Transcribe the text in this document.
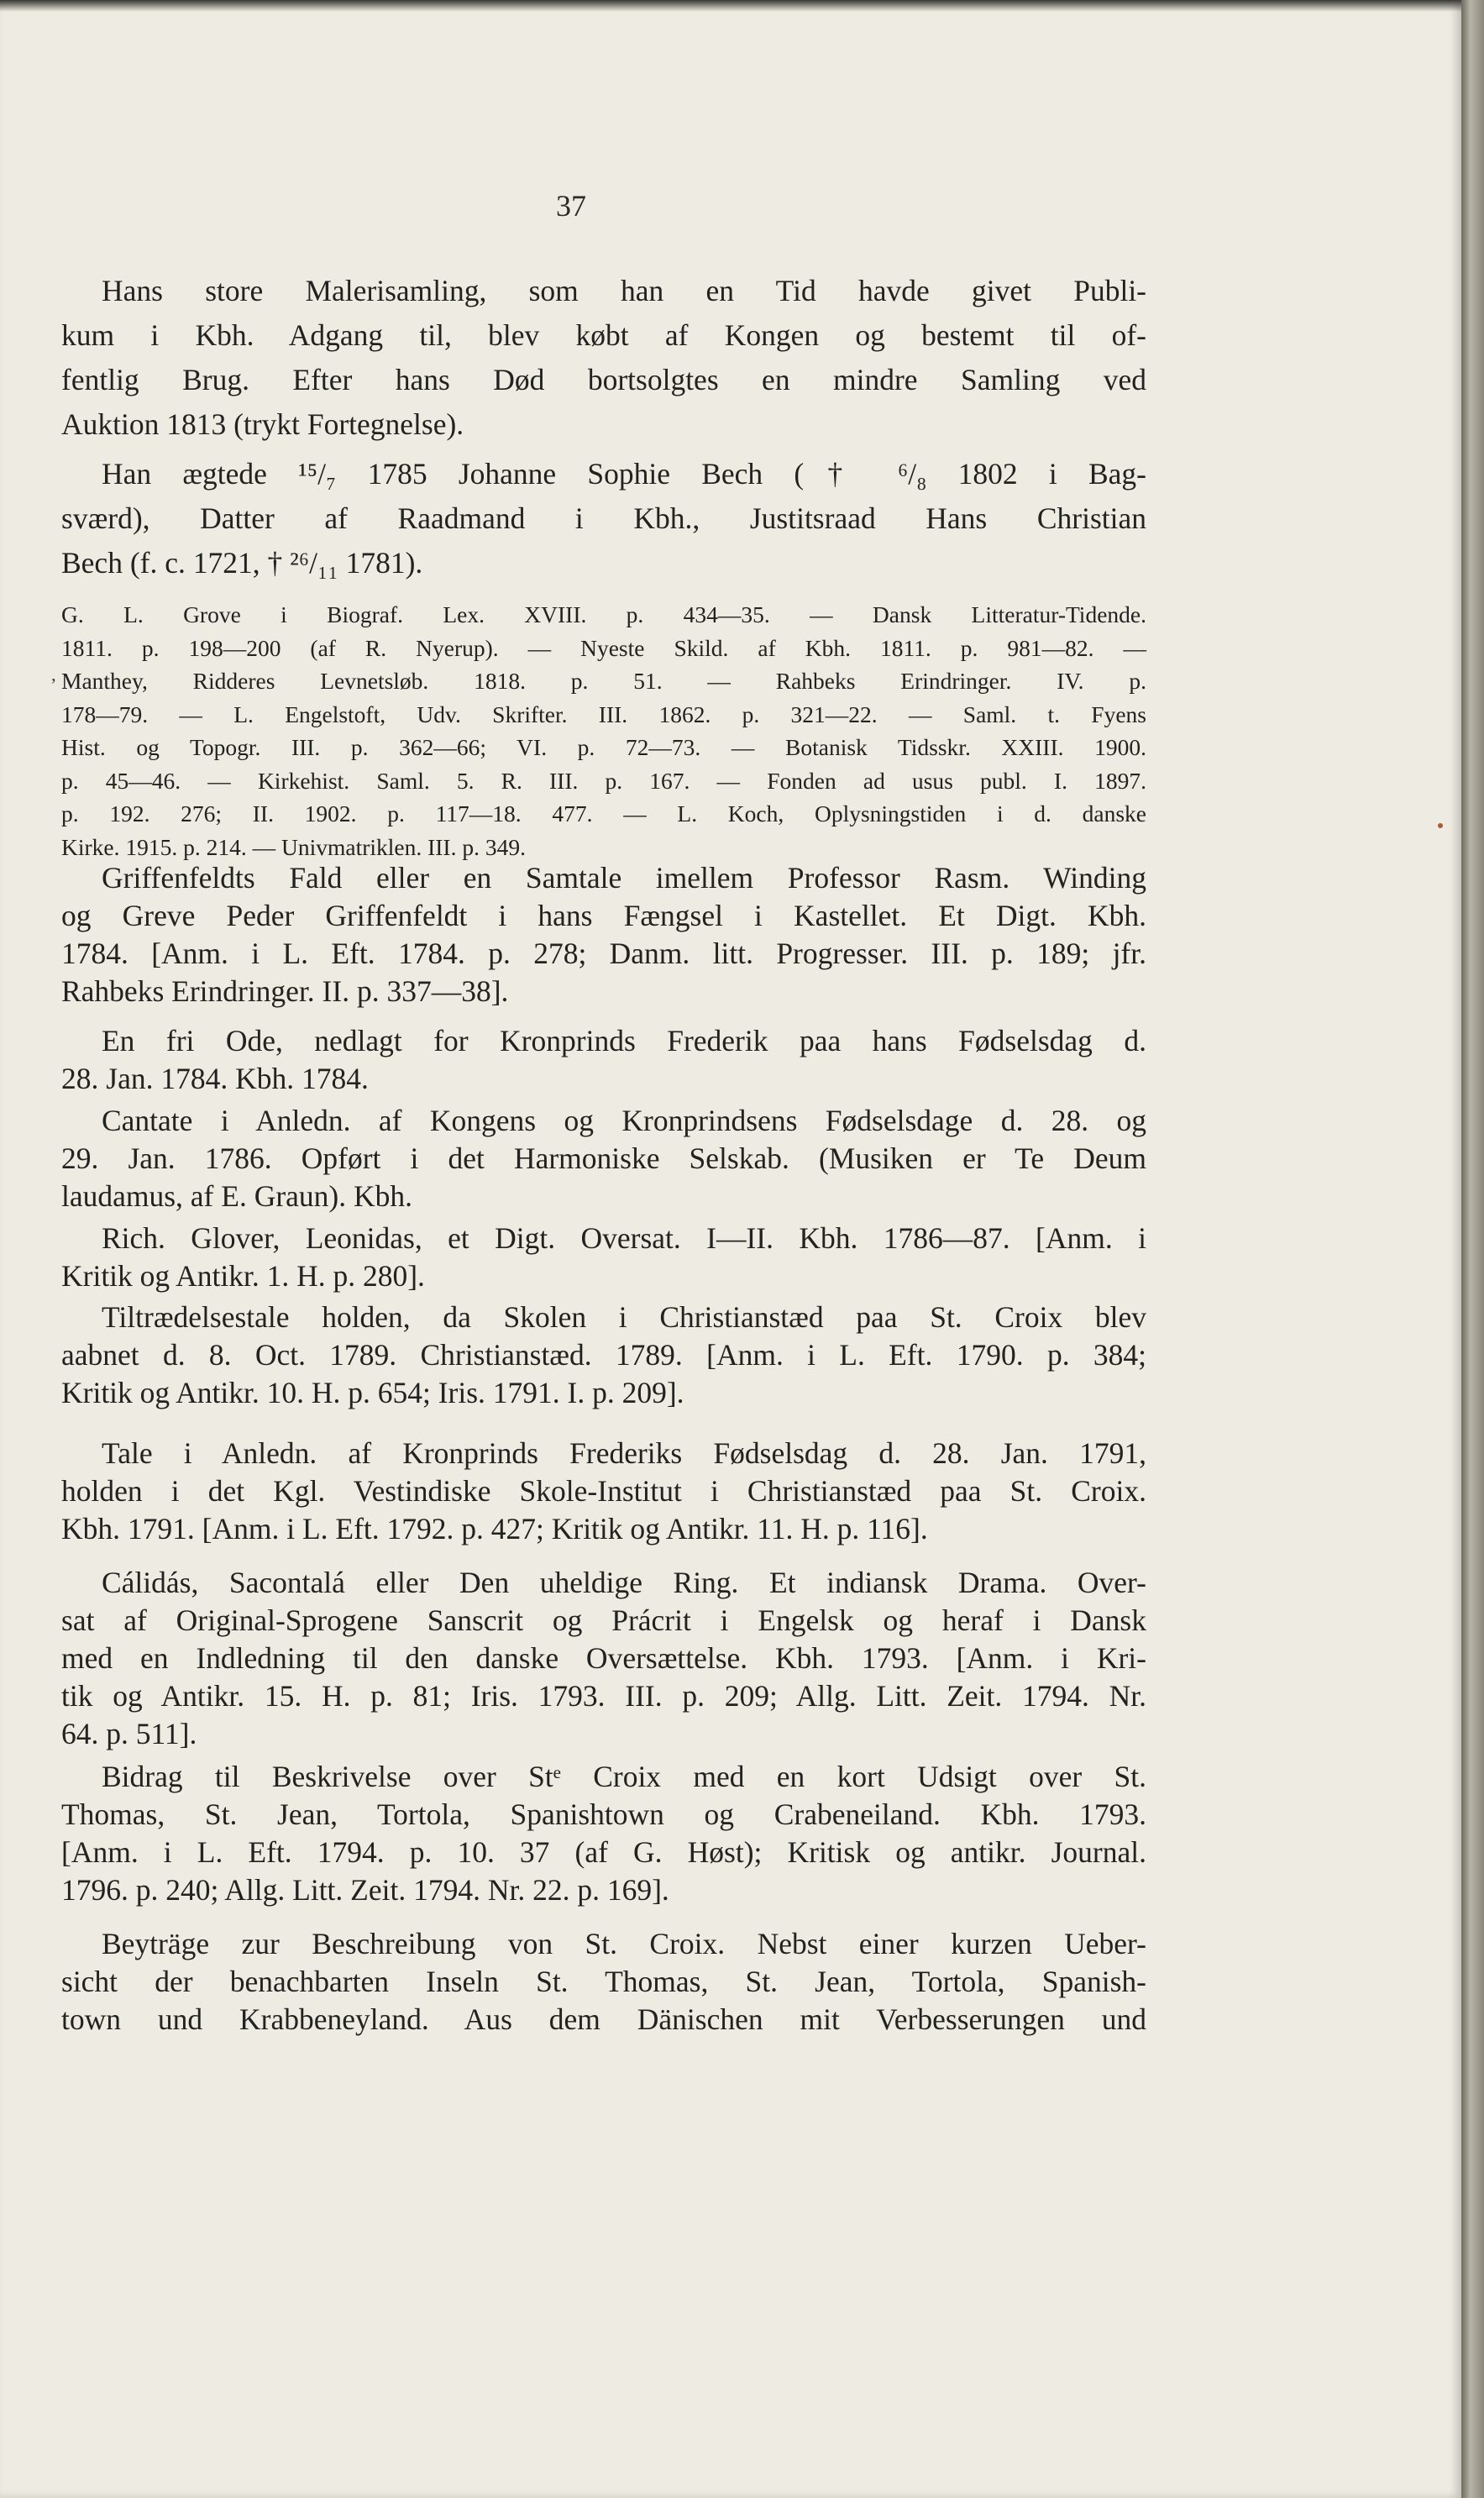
37
Hans store Malerisamling, som han en Tid havde givet Publi-
kum i Kbh. Adgang til, blev købt af Kongen og bestemt til of-
fentlig Brug. Efter hans Død bortsolgtes en mindre Samling ved
Auktion 1813 (trykt Fortegnelse).
Han ægtede ¹⁵/₇ 1785 Johanne Sophie Bech († ⁶/₈ 1802 i Bag-
sværd), Datter af Raadmand i Kbh., Justitsraad Hans Christian
Bech (f. c. 1721, † ²⁶/₁₁ 1781).
G. L. Grove i Biograf. Lex. XVIII. p. 434—35. — Dansk Litteratur-Tidende.
1811. p. 198—200 (af R. Nyerup). — Nyeste Skild. af Kbh. 1811. p. 981—82. —
Manthey, Ridderes Levnetsløb. 1818. p. 51. — Rahbeks Erindringer. IV. p.
178—79. — L. Engelstoft, Udv. Skrifter. III. 1862. p. 321—22. — Saml. t. Fyens
Hist. og Topogr. III. p. 362—66; VI. p. 72—73. — Botanisk Tidsskr. XXIII. 1900.
p. 45—46. — Kirkehist. Saml. 5. R. III. p. 167. — Fonden ad usus publ. I. 1897.
p. 192. 276; II. 1902. p. 117—18. 477. — L. Koch, Oplysningstiden i d. danske
Kirke. 1915. p. 214. — Univmatriklen. III. p. 349.
Griffenfeldts Fald eller en Samtale imellem Professor Rasm. Winding
og Greve Peder Griffenfeldt i hans Fængsel i Kastellet. Et Digt. Kbh.
1784. [Anm. i L. Eft. 1784. p. 278; Danm. litt. Progresser. III. p. 189; jfr.
Rahbeks Erindringer. II. p. 337—38].
En fri Ode, nedlagt for Kronprinds Frederik paa hans Fødselsdag d.
28. Jan. 1784. Kbh. 1784.
Cantate i Anledn. af Kongens og Kronprindsens Fødselsdage d. 28. og
29. Jan. 1786. Opført i det Harmoniske Selskab. (Musiken er Te Deum
laudamus, af E. Graun). Kbh.
Rich. Glover, Leonidas, et Digt. Oversat. I—II. Kbh. 1786—87. [Anm. i
Kritik og Antikr. 1. H. p. 280].
Tiltrædelsestale holden, da Skolen i Christianstæd paa St. Croix blev
aabnet d. 8. Oct. 1789. Christianstæd. 1789. [Anm. i L. Eft. 1790. p. 384;
Kritik og Antikr. 10. H. p. 654; Iris. 1791. I. p. 209].
Tale i Anledn. af Kronprinds Frederiks Fødselsdag d. 28. Jan. 1791,
holden i det Kgl. Vestindiske Skole-Institut i Christianstæd paa St. Croix.
Kbh. 1791. [Anm. i L. Eft. 1792. p. 427; Kritik og Antikr. 11. H. p. 116].
Cálidás, Sacontalá eller Den uheldige Ring. Et indiansk Drama. Over-
sat af Original-Sprogene Sanscrit og Prácrit i Engelsk og heraf i Dansk
med en Indledning til den danske Oversættelse. Kbh. 1793. [Anm. i Kri-
tik og Antikr. 15. H. p. 81; Iris. 1793. III. p. 209; Allg. Litt. Zeit. 1794. Nr.
64. p. 511].
Bidrag til Beskrivelse over Stᵉ Croix med en kort Udsigt over St.
Thomas, St. Jean, Tortola, Spanishtown og Crabeneiland. Kbh. 1793.
[Anm. i L. Eft. 1794. p. 10. 37 (af G. Høst); Kritisk og antikr. Journal.
1796. p. 240; Allg. Litt. Zeit. 1794. Nr. 22. p. 169].
Beyträge zur Beschreibung von St. Croix. Nebst einer kurzen Ueber-
sicht der benachbarten Inseln St. Thomas, St. Jean, Tortola, Spanish-
town und Krabbeneyland. Aus dem Dänischen mit Verbesserungen und
ʼ
